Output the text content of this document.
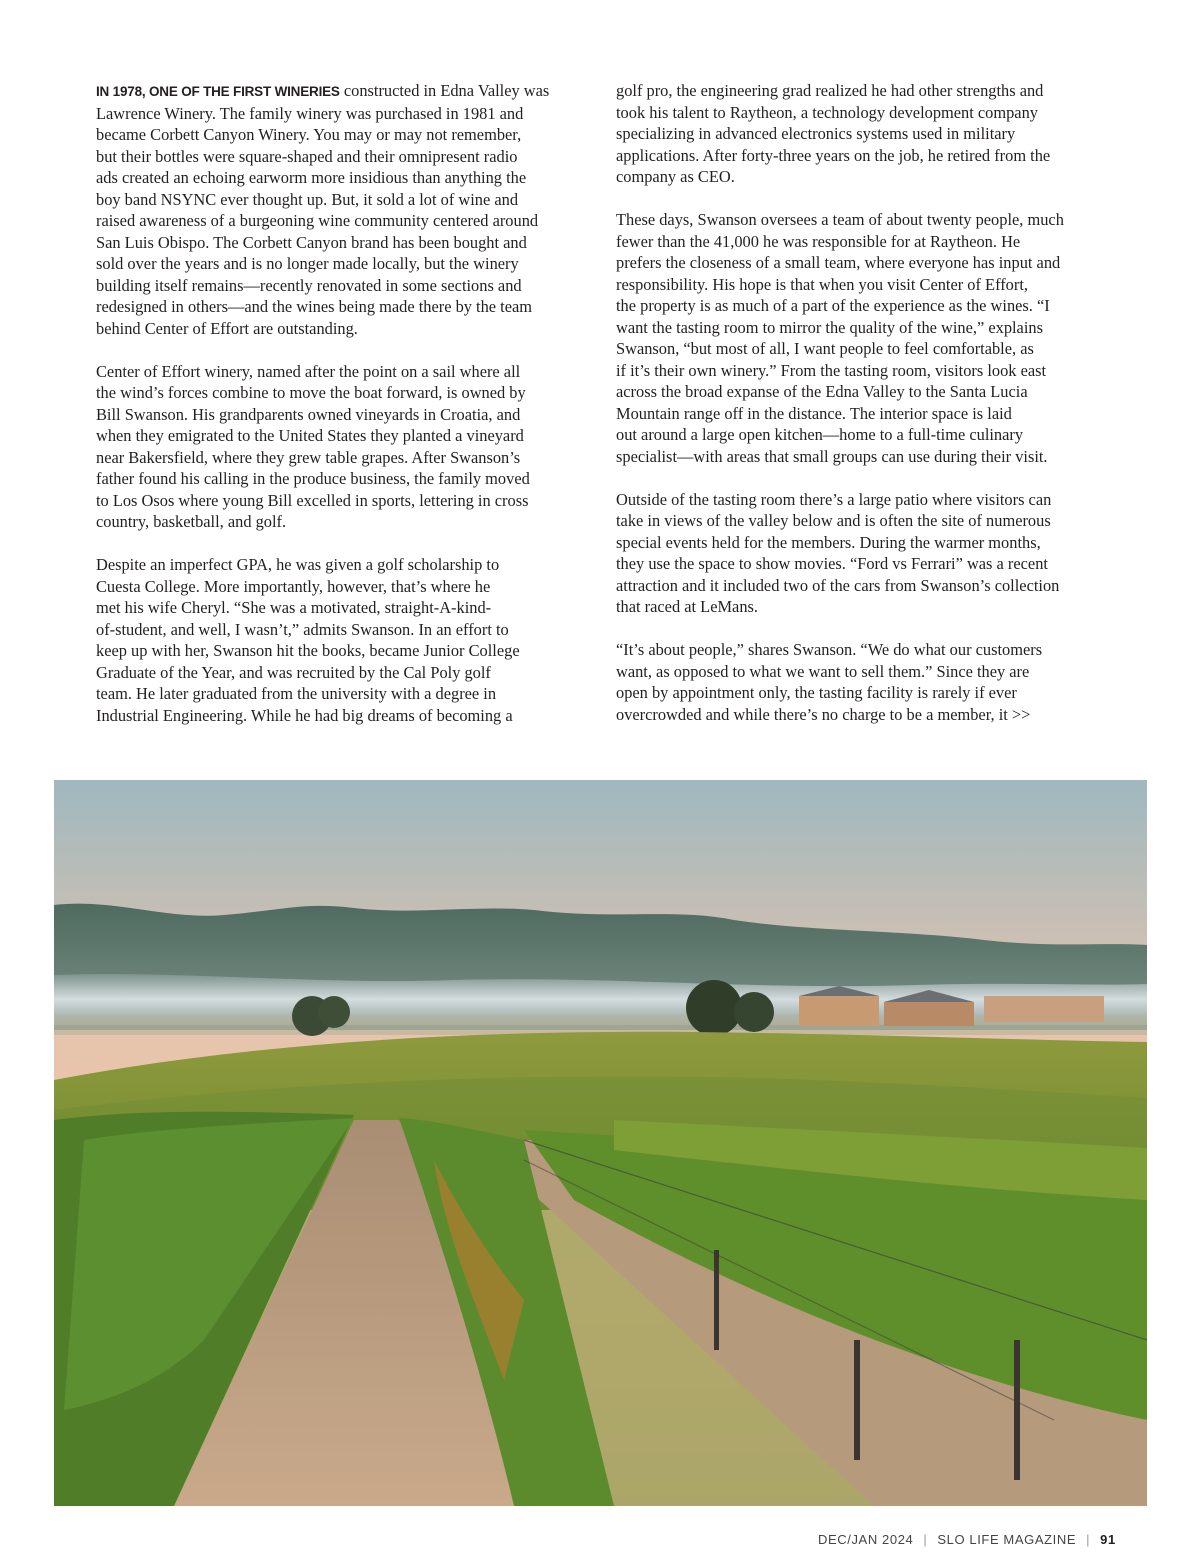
IN 1978, ONE OF THE FIRST WINERIES constructed in Edna Valley was
Lawrence Winery. The family winery was purchased in 1981 and
became Corbett Canyon Winery. You may or may not remember,
but their bottles were square-shaped and their omnipresent radio
ads created an echoing earworm more insidious than anything the
boy band NSYNC ever thought up. But, it sold a lot of wine and
raised awareness of a burgeoning wine community centered around
San Luis Obispo. The Corbett Canyon brand has been bought and
sold over the years and is no longer made locally, but the winery
building itself remains—recently renovated in some sections and
redesigned in others—and the wines being made there by the team
behind Center of Effort are outstanding.

Center of Effort winery, named after the point on a sail where all
the wind’s forces combine to move the boat forward, is owned by
Bill Swanson. His grandparents owned vineyards in Croatia, and
when they emigrated to the United States they planted a vineyard
near Bakersfield, where they grew table grapes. After Swanson’s
father found his calling in the produce business, the family moved
to Los Osos where young Bill excelled in sports, lettering in cross
country, basketball, and golf.

Despite an imperfect GPA, he was given a golf scholarship to
Cuesta College. More importantly, however, that’s where he
met his wife Cheryl. “She was a motivated, straight-A-kind-
of-student, and well, I wasn’t,” admits Swanson. In an effort to
keep up with her, Swanson hit the books, became Junior College
Graduate of the Year, and was recruited by the Cal Poly golf
team. He later graduated from the university with a degree in
Industrial Engineering. While he had big dreams of becoming a

golf pro, the engineering grad realized he had other strengths and
took his talent to Raytheon, a technology development company
specializing in advanced electronics systems used in military
applications. After forty-three years on the job, he retired from the
company as CEO.

These days, Swanson oversees a team of about twenty people, much
fewer than the 41,000 he was responsible for at Raytheon. He
prefers the closeness of a small team, where everyone has input and
responsibility. His hope is that when you visit Center of Effort,
the property is as much of a part of the experience as the wines. “I
want the tasting room to mirror the quality of the wine,” explains
Swanson, “but most of all, I want people to feel comfortable, as
if it’s their own winery.” From the tasting room, visitors look east
across the broad expanse of the Edna Valley to the Santa Lucia
Mountain range off in the distance. The interior space is laid
out around a large open kitchen—home to a full-time culinary
specialist—with areas that small groups can use during their visit.

Outside of the tasting room there’s a large patio where visitors can
take in views of the valley below and is often the site of numerous
special events held for the members. During the warmer months,
they use the space to show movies. “Ford vs Ferrari” was a recent
attraction and it included two of the cars from Swanson’s collection
that raced at LeMans.

“It’s about people,” shares Swanson. “We do what our customers
want, as opposed to what we want to sell them.” Since they are
open by appointment only, the tasting facility is rarely if ever
overcrowded and while there’s no charge to be a member, it >>

DEC/JAN 2024 | SLO LIFE MAGAZINE | 91
